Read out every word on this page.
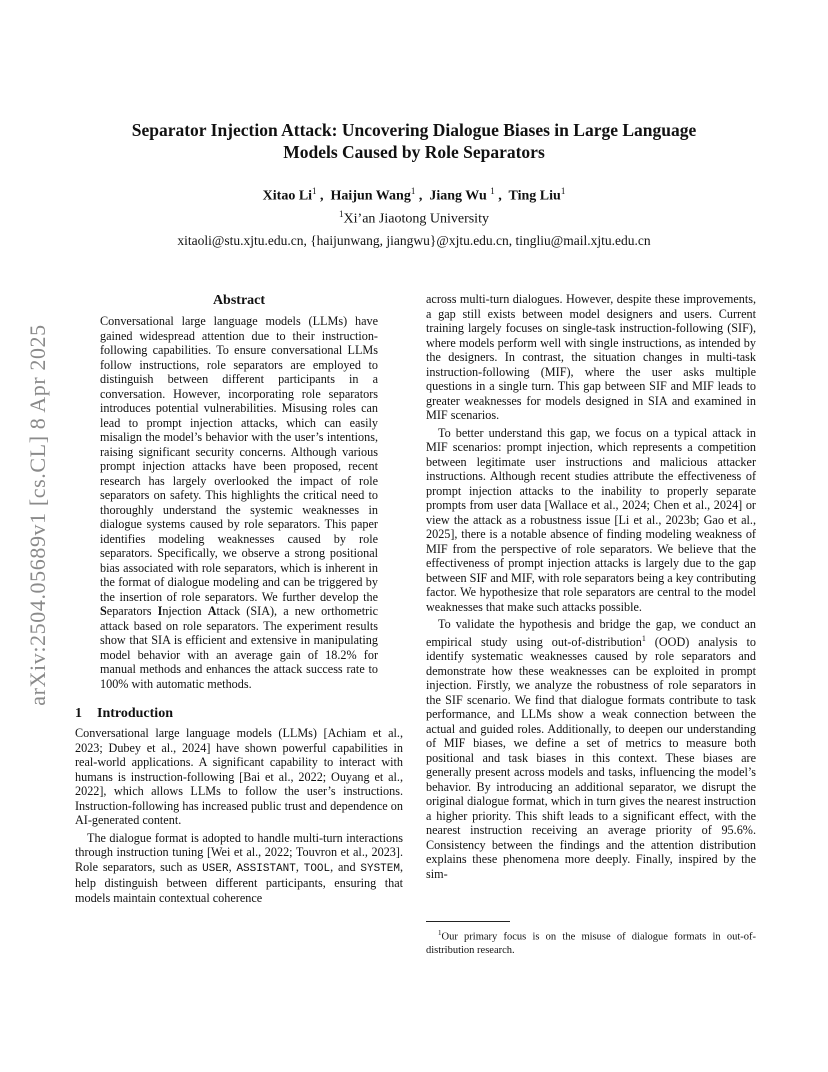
arXiv:2504.05689v1 [cs.CL] 8 Apr 2025
Separator Injection Attack: Uncovering Dialogue Biases in Large Language
Models Caused by Role Separators
Xitao Li$^1$ ,  Haijun Wang$^1$ ,  Jiang Wu $^1$ ,  Ting Liu$^1$
$^1$Xi’an Jiaotong University
xitaoli@stu.xjtu.edu.cn, {haijunwang, jiangwu}@xjtu.edu.cn, tingliu@mail.xjtu.edu.cn
Abstract
Conversational large language models (LLMs) have gained widespread attention due to their instruction-following capabilities. To ensure conversational LLMs follow instructions, role separators are employed to distinguish between different participants in a conversation. However, incorporating role separators introduces potential vulnerabilities. Misusing roles can lead to prompt injection attacks, which can easily misalign the model’s behavior with the user’s intentions, raising significant security concerns. Although various prompt injection attacks have been proposed, recent research has largely overlooked the impact of role separators on safety. This highlights the critical need to thoroughly understand the systemic weaknesses in dialogue systems caused by role separators. This paper identifies modeling weaknesses caused by role separators. Specifically, we observe a strong positional bias associated with role separators, which is inherent in the format of dialogue modeling and can be triggered by the insertion of role separators. We further develop the Separators Injection Attack (SIA), a new orthometric attack based on role separators. The experiment results show that SIA is efficient and extensive in manipulating model behavior with an average gain of 18.2% for manual methods and enhances the attack success rate to 100% with automatic methods.
1 Introduction

Conversational large language models (LLMs) [Achiam et al., 2023; Dubey et al., 2024] have shown powerful capabilities in real-world applications. A significant capability to interact with humans is instruction-following [Bai et al., 2022; Ouyang et al., 2022], which allows LLMs to follow the user’s instructions. Instruction-following has increased public trust and dependence on AI-generated content.

The dialogue format is adopted to handle multi-turn interactions through instruction tuning [Wei et al., 2022; Touvron et al., 2023]. Role separators, such as USER, ASSISTANT, TOOL, and SYSTEM, help distinguish between different participants, ensuring that models maintain contextual coherence

across multi-turn dialogues. However, despite these improvements, a gap still exists between model designers and users. Current training largely focuses on single-task instruction-following (SIF), where models perform well with single instructions, as intended by the designers. In contrast, the situation changes in multi-task instruction-following (MIF), where the user asks multiple questions in a single turn. This gap between SIF and MIF leads to greater weaknesses for models designed in SIA and examined in MIF scenarios.

To better understand this gap, we focus on a typical attack in MIF scenarios: prompt injection, which represents a competition between legitimate user instructions and malicious attacker instructions. Although recent studies attribute the effectiveness of prompt injection attacks to the inability to properly separate prompts from user data [Wallace et al., 2024; Chen et al., 2024] or view the attack as a robustness issue [Li et al., 2023b; Gao et al., 2025], there is a notable absence of finding modeling weakness of MIF from the perspective of role separators. We believe that the effectiveness of prompt injection attacks is largely due to the gap between SIF and MIF, with role separators being a key contributing factor. We hypothesize that role separators are central to the model weaknesses that make such attacks possible.

To validate the hypothesis and bridge the gap, we conduct an empirical study using out-of-distribution$^1$ (OOD) analysis to identify systematic weaknesses caused by role separators and demonstrate how these weaknesses can be exploited in prompt injection. Firstly, we analyze the robustness of role separators in the SIF scenario. We find that dialogue formats contribute to task performance, and LLMs show a weak connection between the actual and guided roles. Additionally, to deepen our understanding of MIF biases, we define a set of metrics to measure both positional and task biases in this context. These biases are generally present across models and tasks, influencing the model’s behavior. By introducing an additional separator, we disrupt the original dialogue format, which in turn gives the nearest instruction a higher priority. This shift leads to a significant effect, with the nearest instruction receiving an average priority of 95.6%. Consistency between the findings and the attention distribution explains these phenomena more deeply. Finally, inspired by the sim-

$^1$Our primary focus is on the misuse of dialogue formats in out-of-distribution research.
